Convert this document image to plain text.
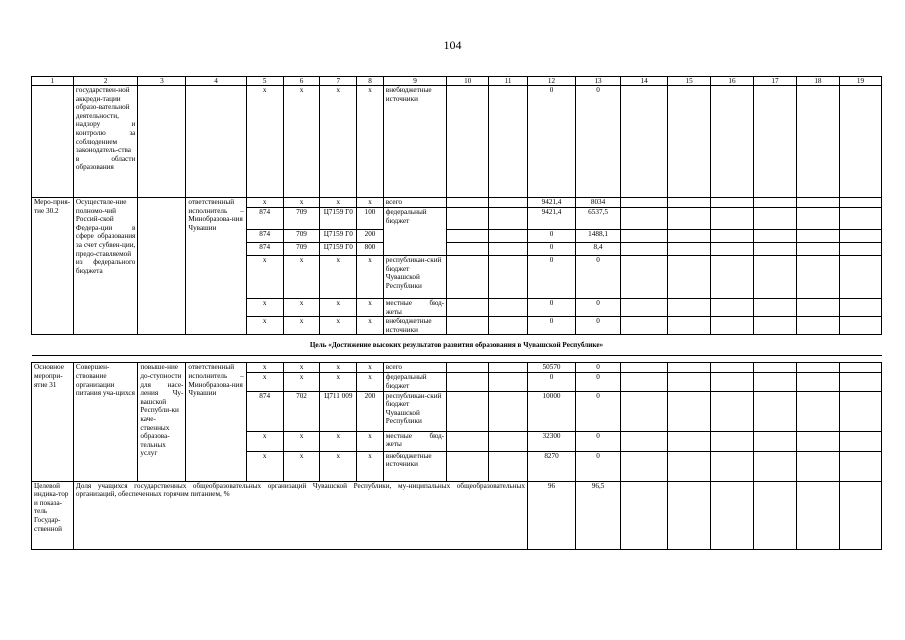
104
1	2	3	4	5	6	7	8	9	10	11	12	13	14	15	16	17	18	19
	государствен-ной аккреди-тации образо-вательной деятельности, надзору и контролю за соблюдением законодатель-ства в области образования			x	x	x	x	внебюджетные источники			0	0						
Меро-прия-тие 30.2	Осуществле-ние полномо-чий Россий-ской Федера-ции в сфере образования за счет субвен-ции, предо-ставляемой из федерального бюджета		ответственный исполнитель – Минобразова-ния Чувашии	x	x	x	x	всего			9421,4	8034						
				874	709	Ц7159 Г0	100	федеральный бюджет			9421,4	6537,5						
				874	709	Ц7159 Г0	200				0	1488,1						
				874	709	Ц7159 Г0	800				0	8,4						
				x	x	x	x	республикан-ский бюджет Чувашской Республики			0	0						
				x	x	x	x	местные бюд-жеты			0	0						
				x	x	x	x	внебюджетные источники			0	0						
Цель «Достижение высоких результатов развития образования в Чувашской Республике»																		

Основное меропри-ятие 31	Совершен-ствование организации питания уча-щихся	повыше-ние до-ступности для насе-ления Чу-вашской Республи-ки каче-ственных образова-тельных услуг	ответственный исполнитель – Минобразова-ния Чувашии	x	x	x	x	всего			50570	0						
				x	x	x	x	федеральный бюджет			0	0						
				874	702	Ц711 009	200	республикан-ский бюджет Чувашской Республики			10000	0						
				x	x	x	x	местные бюд-жеты			32300	0						
				x	x	x	x	внебюджетные источники			8270	0						
Целевой индика-тор и показа-тель Государ-ственной	Доля учащихся государственных общеобразовательных организаций Чувашской Республики, му-ниципальных общеобразовательных организаций, обеспеченных горячим питанием, %										96	96,5						
